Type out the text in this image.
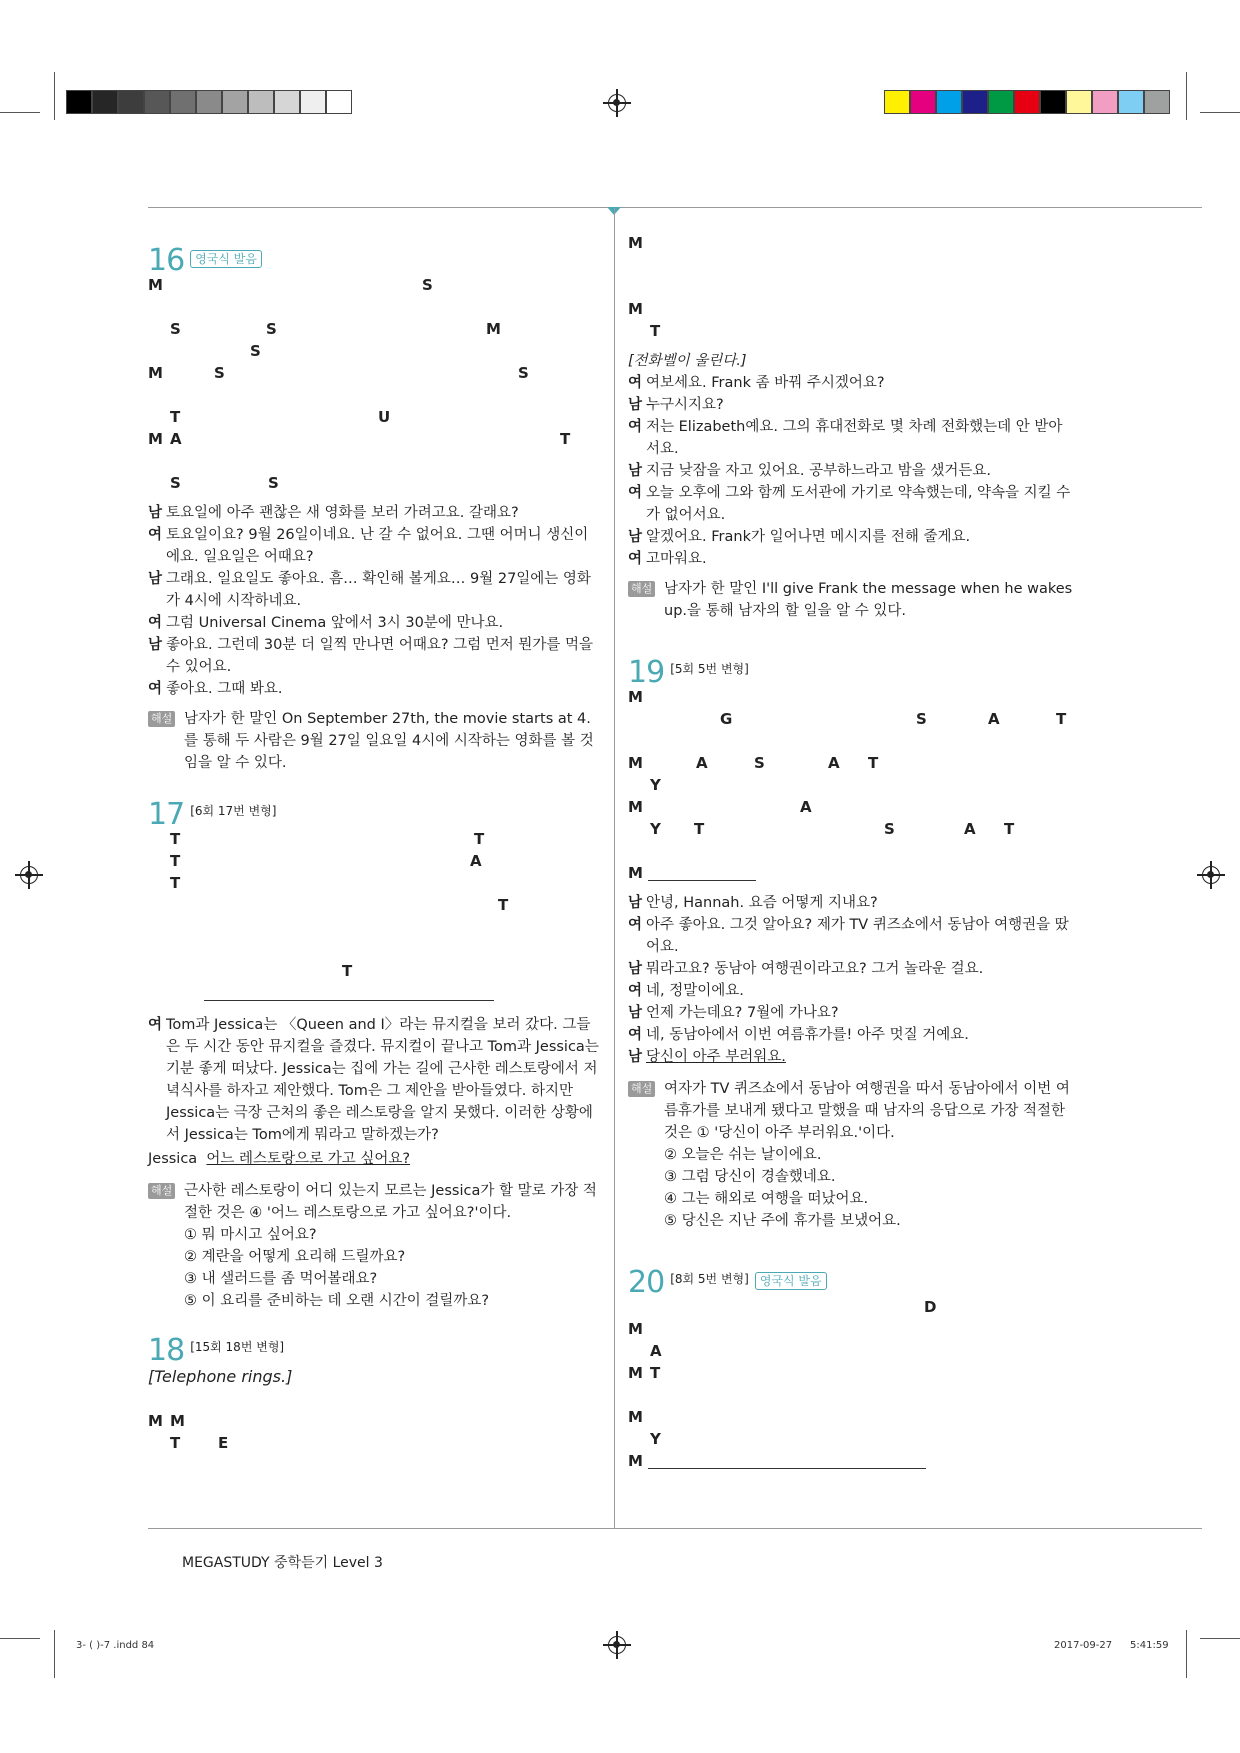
16 영국식 발음
M	S
S	S	M
S
M	S	S
T	U
M A	T
S	S
남 토요일에 아주 괜찮은 새 영화를 보러 가려고요. 갈래요?
여 토요일이요? 9월 26일이네요. 난 갈 수 없어요. 그땐 어머니 생신이에요. 일요일은 어때요?
남 그래요. 일요일도 좋아요. 흠… 확인해 볼게요… 9월 27일에는 영화가 4시에 시작하네요.
여 그럼 Universal Cinema 앞에서 3시 30분에 만나요.
남 좋아요. 그런데 30분 더 일찍 만나면 어때요? 그럼 먼저 뭔가를 먹을 수 있어요.
여 좋아요. 그때 봐요.
해설 남자가 한 말인 On September 27th, the movie starts at 4.를 통해 두 사람은 9월 27일 일요일 4시에 시작하는 영화를 볼 것임을 알 수 있다.
17 [6회 17번 변형]
T	T
T	A
T
T
T
여 Tom과 Jessica는 〈Queen and I〉라는 뮤지컬을 보러 갔다. 그들은 두 시간 동안 뮤지컬을 즐겼다. 뮤지컬이 끝나고 Tom과 Jessica는 기분 좋게 떠났다. Jessica는 집에 가는 길에 근사한 레스토랑에서 저녁식사를 하자고 제안했다. Tom은 그 제안을 받아들였다. 하지만 Jessica는 극장 근처의 좋은 레스토랑을 알지 못했다. 이러한 상황에서 Jessica는 Tom에게 뭐라고 말하겠는가?
Jessica 어느 레스토랑으로 가고 싶어요?
해설 근사한 레스토랑이 어디 있는지 모르는 Jessica가 할 말로 가장 적절한 것은 ④ '어느 레스토랑으로 가고 싶어요?'이다.
① 뭐 마시고 싶어요?
② 계란을 어떻게 요리해 드릴까요?
③ 내 샐러드를 좀 먹어볼래요?
⑤ 이 요리를 준비하는 데 오랜 시간이 걸릴까요?
18 [15회 18번 변형]
[Telephone rings.]
M M
T	E
M
M
T
[전화벨이 울린다.]
여 여보세요. Frank 좀 바꿔 주시겠어요?
남 누구시지요?
여 저는 Elizabeth예요. 그의 휴대전화로 몇 차례 전화했는데 안 받아서요.
남 지금 낮잠을 자고 있어요. 공부하느라고 밤을 샜거든요.
여 오늘 오후에 그와 함께 도서관에 가기로 약속했는데, 약속을 지킬 수가 없어서요.
남 알겠어요. Frank가 일어나면 메시지를 전해 줄게요.
여 고마워요.
해설 남자가 한 말인 I'll give Frank the message when he wakes up.을 통해 남자의 할 일을 알 수 있다.
19 [5회 5번 변형]
M
G	S	A	T
M	A	S	A T
Y
M	A
Y T	S	A T
M
남 안녕, Hannah. 요즘 어떻게 지내요?
여 아주 좋아요. 그것 알아요? 제가 TV 퀴즈쇼에서 동남아 여행권을 땄어요.
남 뭐라고요? 동남아 여행권이라고요? 그거 놀라운 걸요.
여 네, 정말이에요.
남 언제 가는데요? 7월에 가나요?
여 네, 동남아에서 이번 여름휴가를! 아주 멋질 거예요.
남 당신이 아주 부러워요.
해설 여자가 TV 퀴즈쇼에서 동남아 여행권을 따서 동남아에서 이번 여름휴가를 보내게 됐다고 말했을 때 남자의 응답으로 가장 적절한 것은 ① '당신이 아주 부러워요.'이다.
② 오늘은 쉬는 날이에요.
③ 그럼 당신이 경솔했네요.
④ 그는 해외로 여행을 떠났어요.
⑤ 당신은 지난 주에 휴가를 보냈어요.
20 [8회 5번 변형] 영국식 발음
D
M
A
M T
M
Y
M
MEGASTUDY 중학듣기 Level 3
3- ( )-7 .indd 84	2017-09-27 5:41:59
